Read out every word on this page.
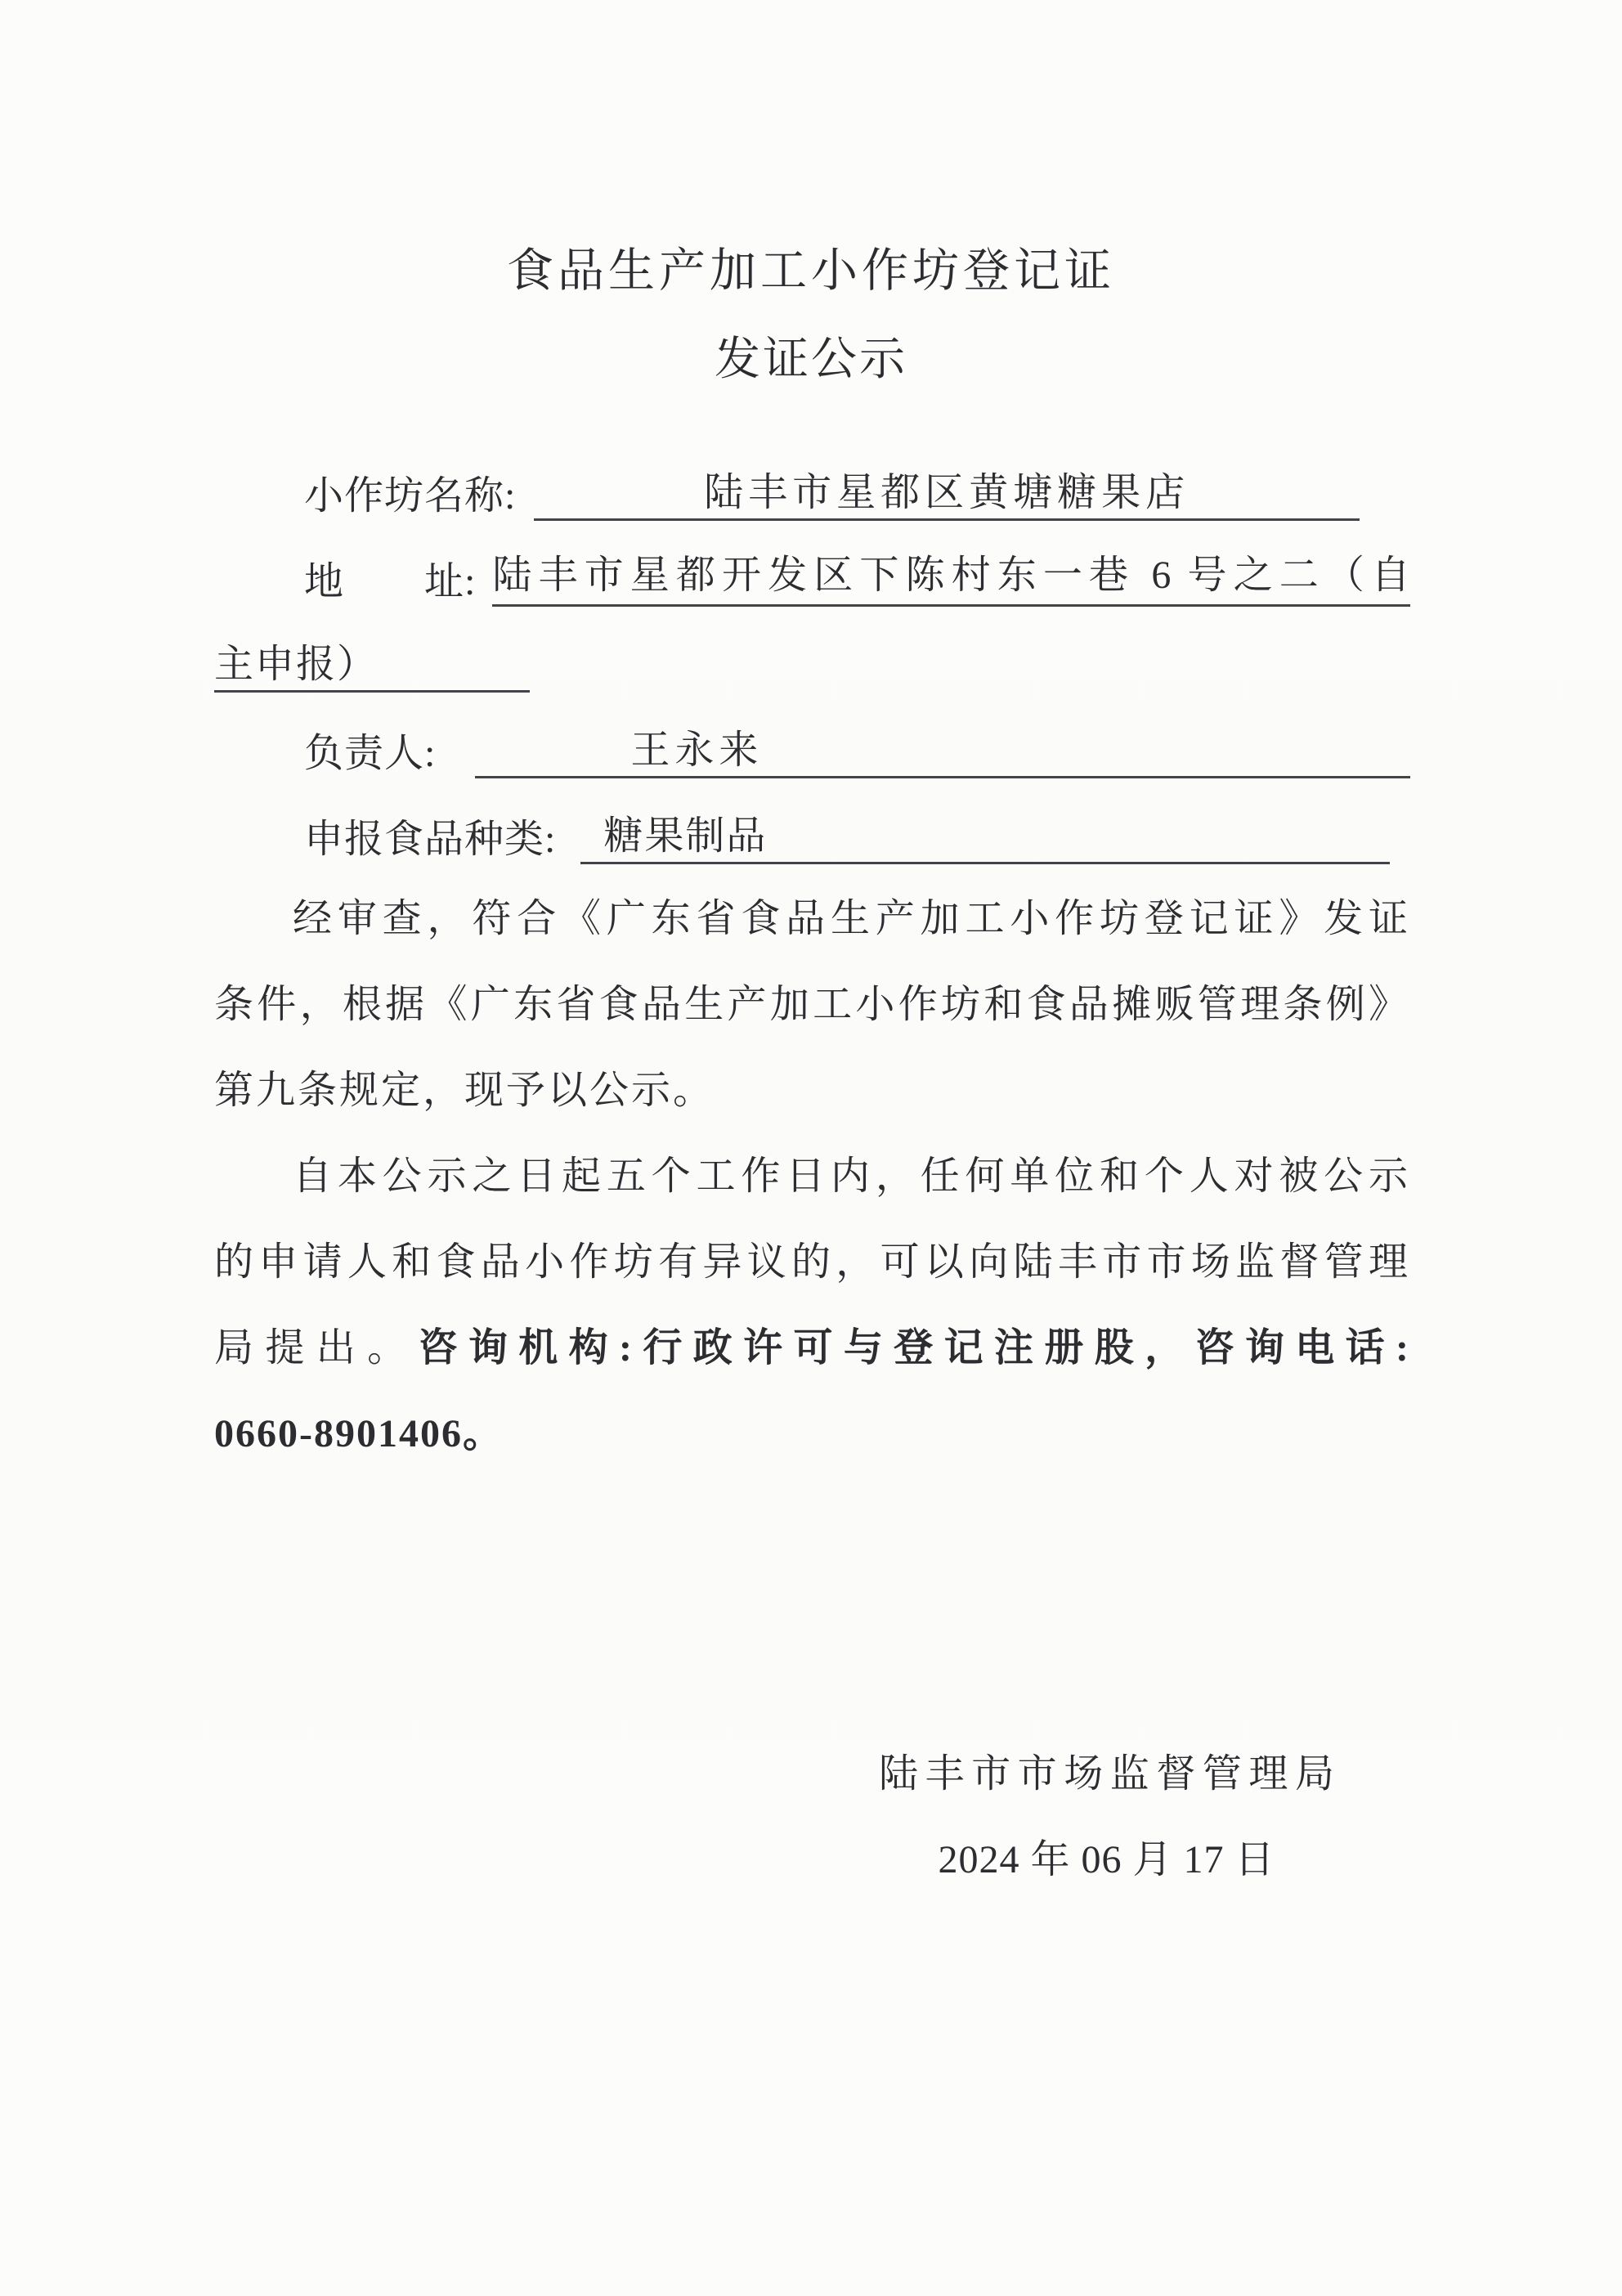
食品生产加工小作坊登记证
发证公示
小作坊名称:	陆丰市星都区黄塘糖果店
地　　址: 陆丰市星都开发区下陈村东一巷 6 号之二（自
主申报）
负责人:	王永来
申报食品种类:	糖果制品
经审查，符合《广东省食品生产加工小作坊登记证》发证
条件，根据《广东省食品生产加工小作坊和食品摊贩管理条例》
第九条规定，现予以公示。
自本公示之日起五个工作日内，任何单位和个人对被公示
的申请人和食品小作坊有异议的，可以向陆丰市市场监督管理
局提出。咨询机构:行政许可与登记注册股，咨询电话:
0660-8901406。
陆丰市市场监督管理局
2024 年 06 月 17 日
